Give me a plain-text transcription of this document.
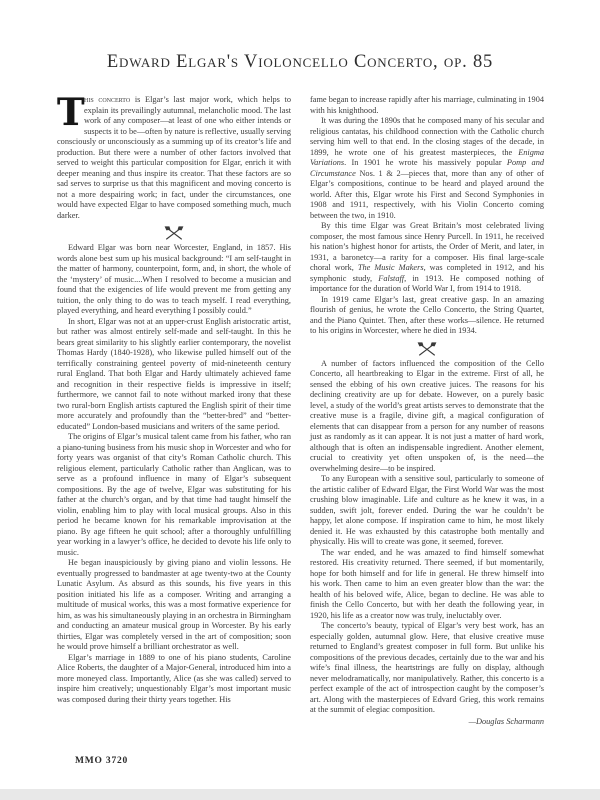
Edward Elgar's Violoncello Concerto, op. 85

This concerto is Elgar’s last major work, which helps to explain its prevailingly autumnal, melancholic mood. The last work of any composer—at least of one who either intends or suspects it to be—often by nature is reflective, usually serving consciously or unconsciously as a summing up of its creator’s life and production. But there were a number of other factors involved that served to weight this particular composition for Elgar, enrich it with deeper meaning and thus inspire its creator. That these factors are so sad serves to surprise us that this magnificent and moving concerto is not a more despairing work; in fact, under the circumstances, one would have expected Elgar to have composed something much, much darker.

Edward Elgar was born near Worcester, England, in 1857. His words alone best sum up his musical background: “I am self-taught in the matter of harmony, counterpoint, form, and, in short, the whole of the ‘mystery’ of music....When I resolved to become a musician and found that the exigencies of life would prevent me from getting any tuition, the only thing to do was to teach myself. I read everything, played everything, and heard everything I possibly could.”

In short, Elgar was not at an upper-crust English aristocratic artist, but rather was almost entirely self-made and self-taught. In this he bears great similarity to his slightly earlier contemporary, the novelist Thomas Hardy (1840-1928), who likewise pulled himself out of the terrifically constraining genteel poverty of mid-nineteenth century rural England. That both Elgar and Hardy ultimately achieved fame and recognition in their respective fields is impressive in itself; furthermore, we cannot fail to note without marked irony that these two rural-born English artists captured the English spirit of their time more accurately and profoundly than the “better-bred” and “better-educated” London-based musicians and writers of the same period.

The origins of Elgar’s musical talent came from his father, who ran a piano-tuning business from his music shop in Worcester and who for forty years was organist of that city’s Roman Catholic church. This religious element, particularly Catholic rather than Anglican, was to serve as a profound influence in many of Elgar’s subsequent compositions. By the age of twelve, Elgar was substituting for his father at the church’s organ, and by that time had taught himself the violin, enabling him to play with local musical groups. Also in this period he became known for his remarkable improvisation at the piano. By age fifteen he quit school; after a thoroughly unfulfilling year working in a lawyer’s office, he decided to devote his life only to music.

He began inauspiciously by giving piano and violin lessons. He eventually progressed to bandmaster at age twenty-two at the County Lunatic Asylum. As absurd as this sounds, his five years in this position initiated his life as a composer. Writing and arranging a multitude of musical works, this was a most formative experience for him, as was his simultaneously playing in an orchestra in Birmingham and conducting an amateur musical group in Worcester. By his early thirties, Elgar was completely versed in the art of composition; soon he would prove himself a brilliant orchestrator as well.

Elgar’s marriage in 1889 to one of his piano students, Caroline Alice Roberts, the daughter of a Major-General, introduced him into a more moneyed class. Importantly, Alice (as she was called) served to inspire him creatively; unquestionably Elgar’s most important music was composed during their thirty years together. His

fame began to increase rapidly after his marriage, culminating in 1904 with his knighthood.

It was during the 1890s that he composed many of his secular and religious cantatas, his childhood connection with the Catholic church serving him well to that end. In the closing stages of the decade, in 1899, he wrote one of his greatest masterpieces, the Enigma Variations. In 1901 he wrote his massively popular Pomp and Circumstance Nos. 1 & 2—pieces that, more than any of other of Elgar’s compositions, continue to be heard and played around the world. After this, Elgar wrote his First and Second Symphonies in 1908 and 1911, respectively, with his Violin Concerto coming between the two, in 1910.

By this time Elgar was Great Britain’s most celebrated living composer, the most famous since Henry Purcell. In 1911, he received his nation’s highest honor for artists, the Order of Merit, and later, in 1931, a baronetcy—a rarity for a composer. His final large-scale choral work, The Music Makers, was completed in 1912, and his symphonic study, Falstaff, in 1913. He composed nothing of importance for the duration of World War I, from 1914 to 1918.

In 1919 came Elgar’s last, great creative gasp. In an amazing flourish of genius, he wrote the Cello Concerto, the String Quartet, and the Piano Quintet. Then, after these works—silence. He returned to his origins in Worcester, where he died in 1934.

A number of factors influenced the composition of the Cello Concerto, all heartbreaking to Elgar in the extreme. First of all, he sensed the ebbing of his own creative juices. The reasons for his declining creativity are up for debate. However, on a purely basic level, a study of the world’s great artists serves to demonstrate that the creative muse is a fragile, divine gift, a magical configuration of elements that can disappear from a person for any number of reasons just as randomly as it can appear. It is not just a matter of hard work, although that is often an indispensable ingredient. Another element, crucial to creativity yet often unspoken of, is the need—the overwhelming desire—to be inspired.

To any European with a sensitive soul, particularly to someone of the artistic caliber of Edward Elgar, the First World War was the most crushing blow imaginable. Life and culture as he knew it was, in a sudden, swift jolt, forever ended. During the war he couldn’t be happy, let alone compose. If inspiration came to him, he most likely denied it. He was exhausted by this catastrophe both mentally and physically. His will to create was gone, it seemed, forever.

The war ended, and he was amazed to find himself somewhat restored. His creativity returned. There seemed, if but momentarily, hope for both himself and for life in general. He threw himself into his work. Then came to him an even greater blow than the war: the health of his beloved wife, Alice, began to decline. He was able to finish the Cello Concerto, but with her death the following year, in 1920, his life as a creator now was truly, ineluctably over.

The concerto’s beauty, typical of Elgar’s very best work, has an especially golden, autumnal glow. Here, that elusive creative muse returned to England’s greatest composer in full form. But unlike his compositions of the previous decades, certainly due to the war and his wife’s final illness, the heartstrings are fully on display, although never melodramatically, nor manipulatively. Rather, this concerto is a perfect example of the act of introspection caught by the composer’s art. Along with the masterpieces of Edvard Grieg, this work remains at the summit of elegiac composition.

—Douglas Scharmann

MMO 3720
